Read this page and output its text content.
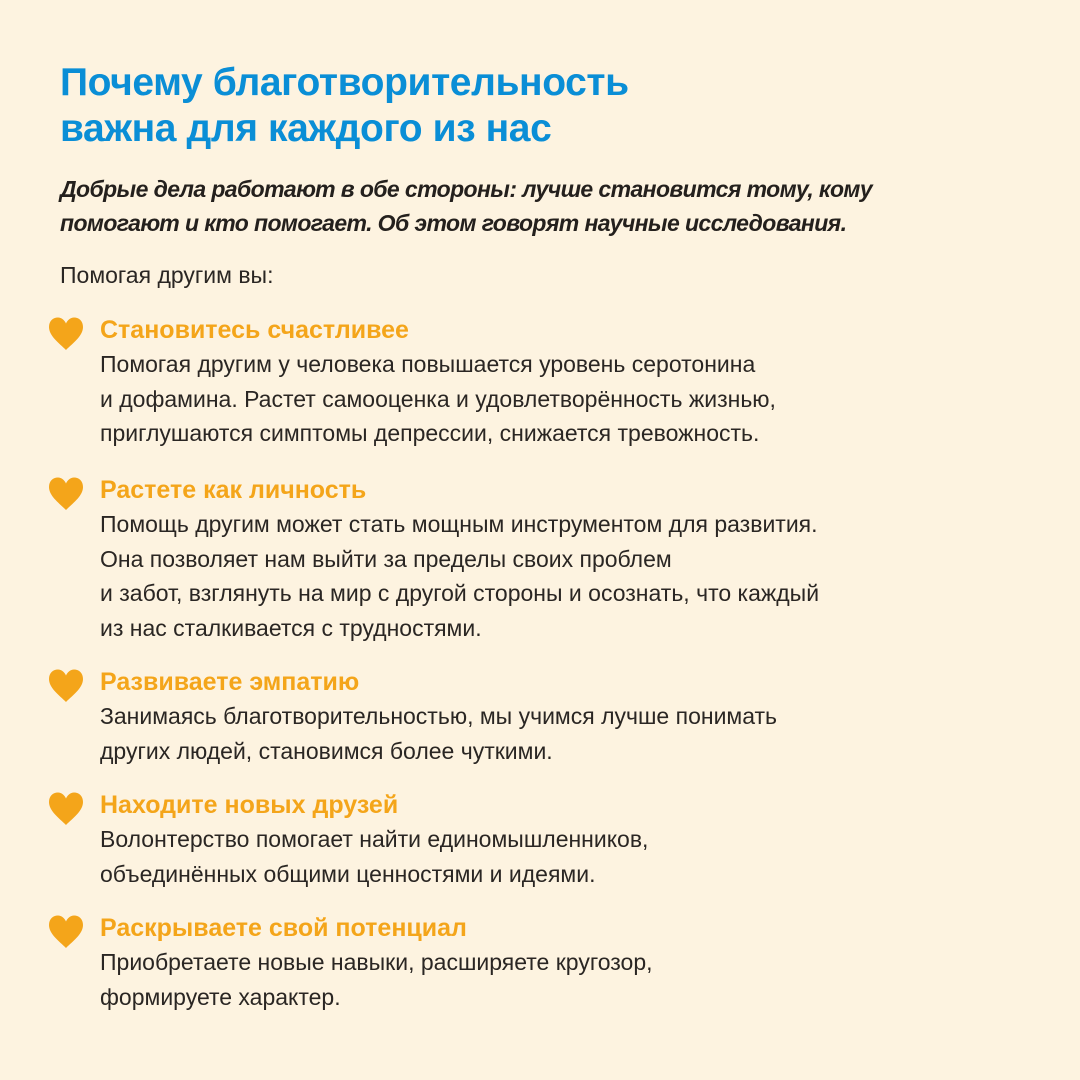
Почему благотворительность
важна для каждого из нас

Добрые дела работают в обе стороны: лучше становится тому, кому
помогают и кто помогает. Об этом говорят научные исследования.

Помогая другим вы:

Становитесь счастливее

Помогая другим у человека повышается уровень серотонина
и дофамина. Растет самооценка и удовлетворённость жизнью,
приглушаются симптомы депрессии, снижается тревожность.

Растете как личность

Помощь другим может стать мощным инструментом для развития.
Она позволяет нам выйти за пределы своих проблем
и забот, взглянуть на мир с другой стороны и осознать, что каждый
из нас сталкивается с трудностями.

Развиваете эмпатию

Занимаясь благотворительностью, мы учимся лучше понимать
других людей, становимся более чуткими.

Находите новых друзей

Волонтерство помогает найти единомышленников,
объединённых общими ценностями и идеями.

Раскрываете свой потенциал

Приобретаете новые навыки, расширяете кругозор,
формируете характер.
